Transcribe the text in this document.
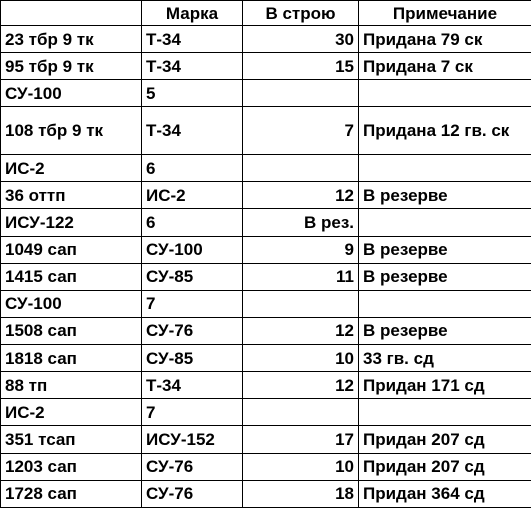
	Марка	В строю	Примечание
23 тбр 9 тк	Т-34	30	Придана 79 ск
95 тбр 9 тк	Т-34	15	Придана 7 ск
СУ-100	5		
108 тбр 9 тк	Т-34	7	Придана 12 гв. ск
ИС-2	6		
36 оттп	ИС-2	12	В резерве
ИСУ-122	6	В рез.	
1049 сап	СУ-100	9	В резерве
1415 сап	СУ-85	11	В резерве
СУ-100	7		
1508 сап	СУ-76	12	В резерве
1818 сап	СУ-85	10	33 гв. сд
88 тп	Т-34	12	Придан 171 сд
ИС-2	7		
351 тсап	ИСУ-152	17	Придан 207 сд
1203 сап	СУ-76	10	Придан 207 сд
1728 сап	СУ-76	18	Придан 364 сд
